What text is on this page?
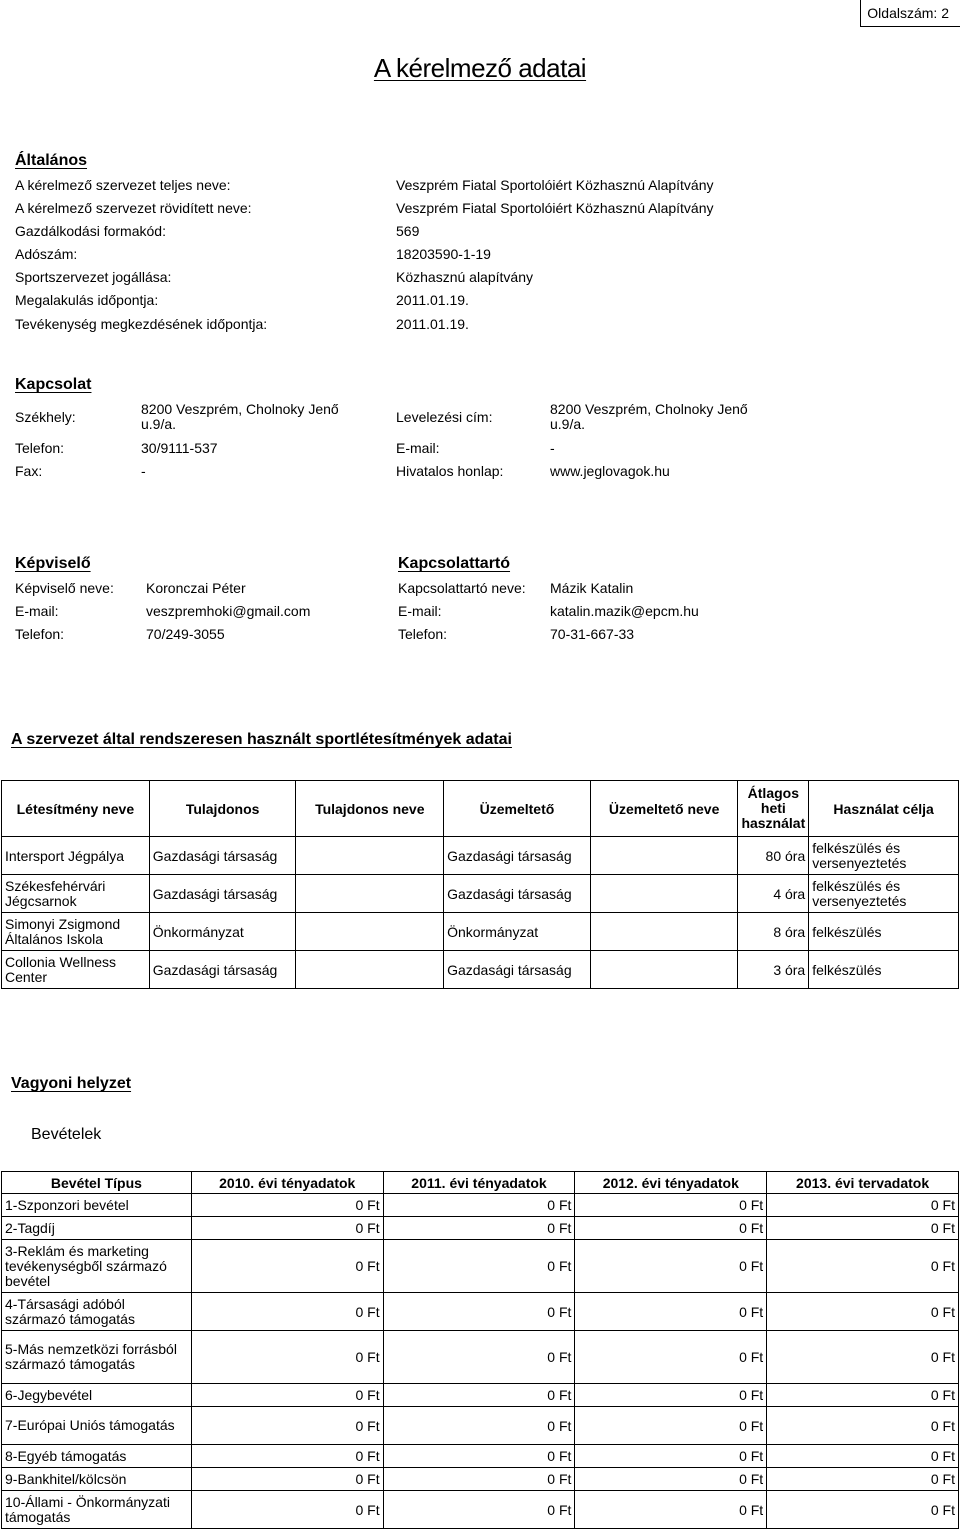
Oldalszám: 2
A kérelmező adatai
Általános
A kérelmező szervezet teljes neve:	Veszprém Fiatal Sportolóiért Közhasznú Alapítvány
A kérelmező szervezet rövidített neve:	Veszprém Fiatal Sportolóiért Közhasznú Alapítvány
Gazdálkodási formakód:	569
Adószám:	18203590-1-19
Sportszervezet jogállása:	Közhasznú alapítvány
Megalakulás időpontja:	2011.01.19.
Tevékenység megkezdésének időpontja:	2011.01.19.
Kapcsolat
Székhely:	8200 Veszprém, Cholnoky Jenő u.9/a.	Levelezési cím:	8200 Veszprém, Cholnoky Jenő u.9/a.
Telefon:	30/9111-537	E-mail:	-
Fax:	-	Hivatalos honlap:	www.jeglovagok.hu
Képviselő
Képviselő neve: Koronczai Péter
E-mail:	veszpremhoki@gmail.com
Telefon:	70/249-3055
Kapcsolattartó
Kapcsolattartó neve: Mázik Katalin
E-mail:	katalin.mazik@epcm.hu
Telefon:	70-31-667-33
A szervezet által rendszeresen használt sportlétesítmények adatai
Létesítmény neve	Tulajdonos	Tulajdonos neve	Üzemeltető	Üzemeltető neve	Átlagos heti használat	Használat célja
Intersport Jégpálya	Gazdasági társaság		Gazdasági társaság		80 óra	felkészülés és versenyeztetés
Székesfehérvári Jégcsarnok	Gazdasági társaság		Gazdasági társaság		4 óra	felkészülés és versenyeztetés
Simonyi Zsigmond Általános Iskola	Önkormányzat		Önkormányzat		8 óra	felkészülés
Collonia Wellness Center	Gazdasági társaság		Gazdasági társaság		3 óra	felkészülés
Vagyoni helyzet
Bevételek
Bevétel Típus	2010. évi tényadatok	2011. évi tényadatok	2012. évi tényadatok	2013. évi tervadatok
1-Szponzori bevétel	0 Ft	0 Ft	0 Ft	0 Ft
2-Tagdíj	0 Ft	0 Ft	0 Ft	0 Ft
3-Reklám és marketing tevékenységből származó bevétel	0 Ft	0 Ft	0 Ft	0 Ft
4-Társasági adóból származó támogatás	0 Ft	0 Ft	0 Ft	0 Ft
5-Más nemzetközi forrásból származó támogatás	0 Ft	0 Ft	0 Ft	0 Ft
6-Jegybevétel	0 Ft	0 Ft	0 Ft	0 Ft
7-Európai Uniós támogatás	0 Ft	0 Ft	0 Ft	0 Ft
8-Egyéb támogatás	0 Ft	0 Ft	0 Ft	0 Ft
9-Bankhitel/kölcsön	0 Ft	0 Ft	0 Ft	0 Ft
10-Állami - Önkormányzati támogatás	0 Ft	0 Ft	0 Ft	0 Ft
